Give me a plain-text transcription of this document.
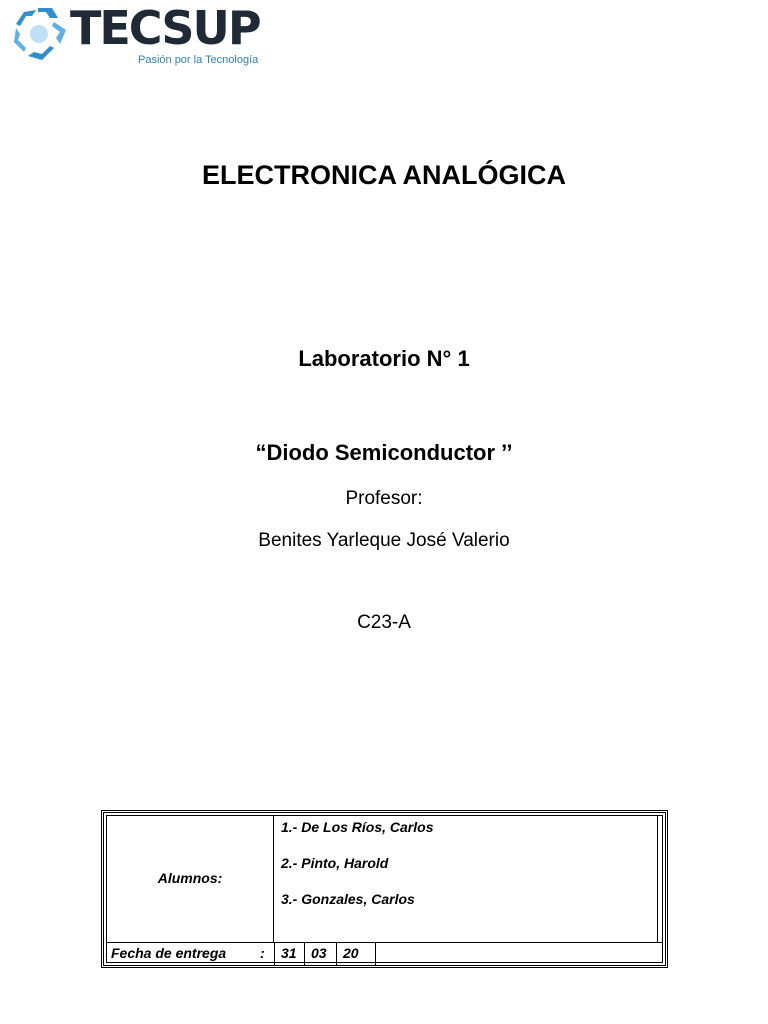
TECSUP
Pasión por la Tecnología
ELECTRONICA ANALÓGICA
Laboratorio N° 1
“Diodo Semiconductor ’’
Profesor:
Benites Yarleque José Valerio
C23-A
Alumnos:
1.- De Los Ríos, Carlos
2.- Pinto, Harold
3.- Gonzales, Carlos
Fecha de entrega :	31	03	20
